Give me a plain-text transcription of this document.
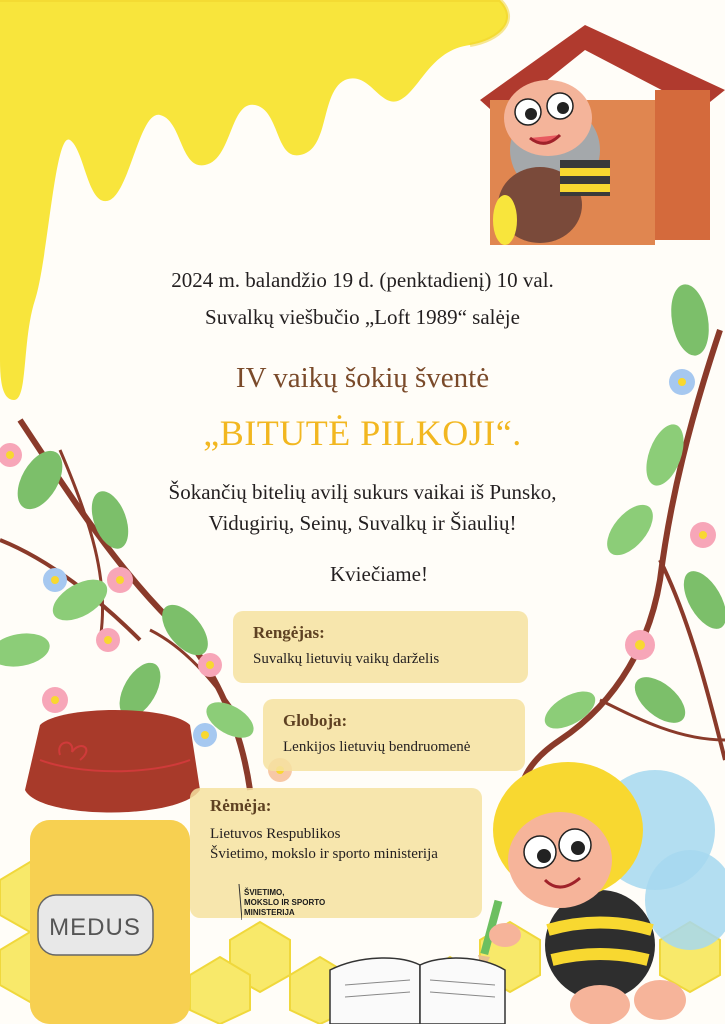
2024 m. balandžio 19 d. (penktadienį) 10 val.
Suvalkų viešbučio „Loft 1989“ salėje
IV vaikų šokių šventė
„BITUTĖ PILKOJI“.
Šokančių bitelių avilį sukurs vaikai iš Punsko,
Vidugirių, Seinų, Suvalkų ir Šiaulių!
Kviečiame!
Rengėjas:
Suvalkų lietuvių vaikų darželis
Globoja:
Lenkijos lietuvių bendruomenė
Rėmėja:
Lietuvos Respublikos
Švietimo, mokslo ir sporto ministerija
ŠVIETIMO,
MOKSLO IR SPORTO
MINISTERIJA
MEDUS
